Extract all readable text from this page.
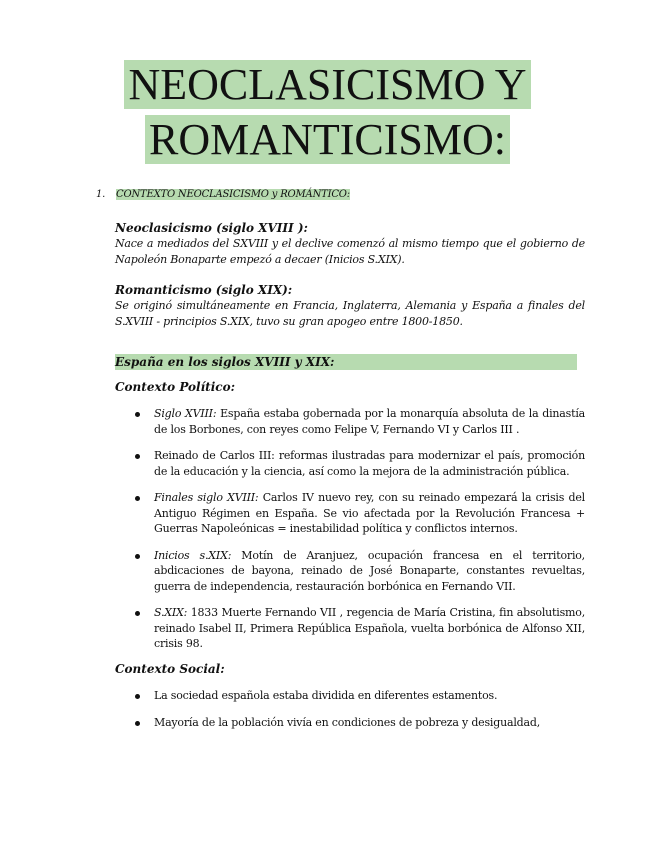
NEOCLASICISMO Y
ROMANTICISMO:
1. CONTEXTO NEOCLASICISMO y ROMÁNTICO:
Neoclasicismo (siglo XVIII ):
Nace a mediados del SXVIII y el declive comenzó al mismo tiempo que el gobierno de Napoleón Bonaparte empezó a decaer (Inicios S.XIX).
Romanticismo (siglo XIX):
Se originó simultáneamente en Francia, Inglaterra, Alemania y España a finales del S.XVIII - principios S.XIX, tuvo su gran apogeo entre 1800-1850.
España en los siglos XVIII y XIX:
Contexto Político:
Siglo XVIII: España estaba gobernada por la monarquía absoluta de la dinastía de los Borbones, con reyes como Felipe V, Fernando VI y Carlos III .
Reinado de Carlos III: reformas ilustradas para modernizar el país, promoción de la educación y la ciencia, así como la mejora de la administración pública.
Finales siglo XVIII: Carlos IV nuevo rey, con su reinado empezará la crisis del Antiguo Régimen en España. Se vio afectada por la Revolución Francesa + Guerras Napoleónicas = inestabilidad política y conflictos internos.
Inicios s.XIX: Motín de Aranjuez, ocupación francesa en el territorio, abdicaciones de bayona, reinado de José Bonaparte, constantes revueltas, guerra de independencia, restauración borbónica en Fernando VII.
S.XIX: 1833 Muerte Fernando VII , regencia de María Cristina, fin absolutismo, reinado Isabel II, Primera República Española, vuelta borbónica de Alfonso XII, crisis 98.
Contexto Social:
La sociedad española estaba dividida en diferentes estamentos.
Mayoría de la población vivía en condiciones de pobreza y desigualdad,
